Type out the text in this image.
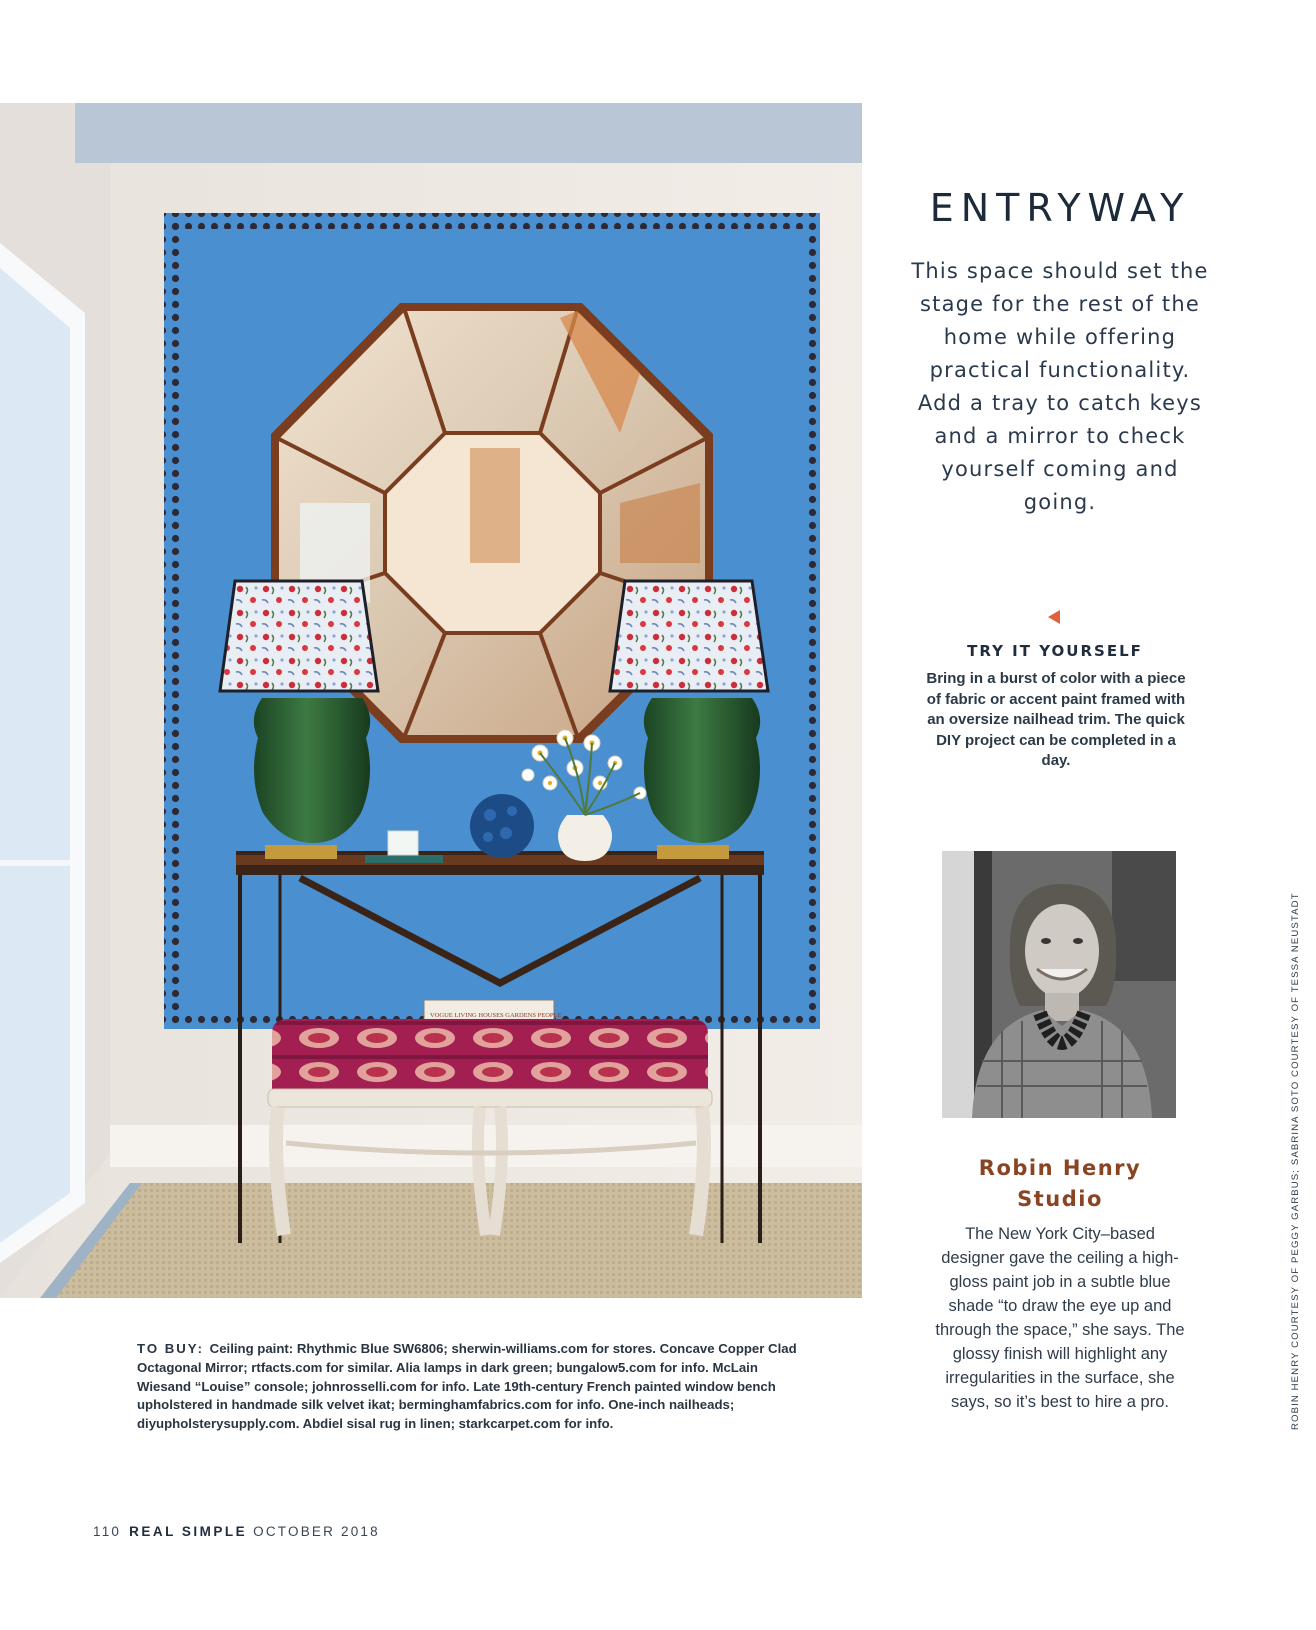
VOGUE LIVING HOUSES GARDENS PEOPLE
ENTRYWAY

This space should set the stage for the rest of the home while offering practical functionality. Add a tray to catch keys and a mirror to check yourself coming and going.

TRY IT YOURSELF

Bring in a burst of color with a piece of fabric or accent paint framed with an oversize nailhead trim. The quick DIY project can be completed in a day.

Robin Henry
Studio

The New York City–based designer gave the ceiling a high-gloss paint job in a subtle blue shade “to draw the eye up and through the space,” she says. The glossy finish will highlight any irregularities in the surface, she says, so it’s best to hire a pro.	ROBIN HENRY COURTESY OF PEGGY GARBUS; SABRINA SOTO COURTESY OF TESSA NEUSTADT

TO BUY: Ceiling paint: Rhythmic Blue SW6806; sherwin-williams.com for stores. Concave Copper Clad Octagonal Mirror; rtfacts.com for similar. Alia lamps in dark green; bungalow5.com for info. McLain Wiesand “Louise” console; johnrosselli.com for info. Late 19th-century French painted window bench upholstered in handmade silk velvet ikat; berminghamfabrics.com for info. One-inch nailheads; diyupholsterysupply.com. Abdiel sisal rug in linen; starkcarpet.com for info.

110 REAL SIMPLE OCTOBER 2018
